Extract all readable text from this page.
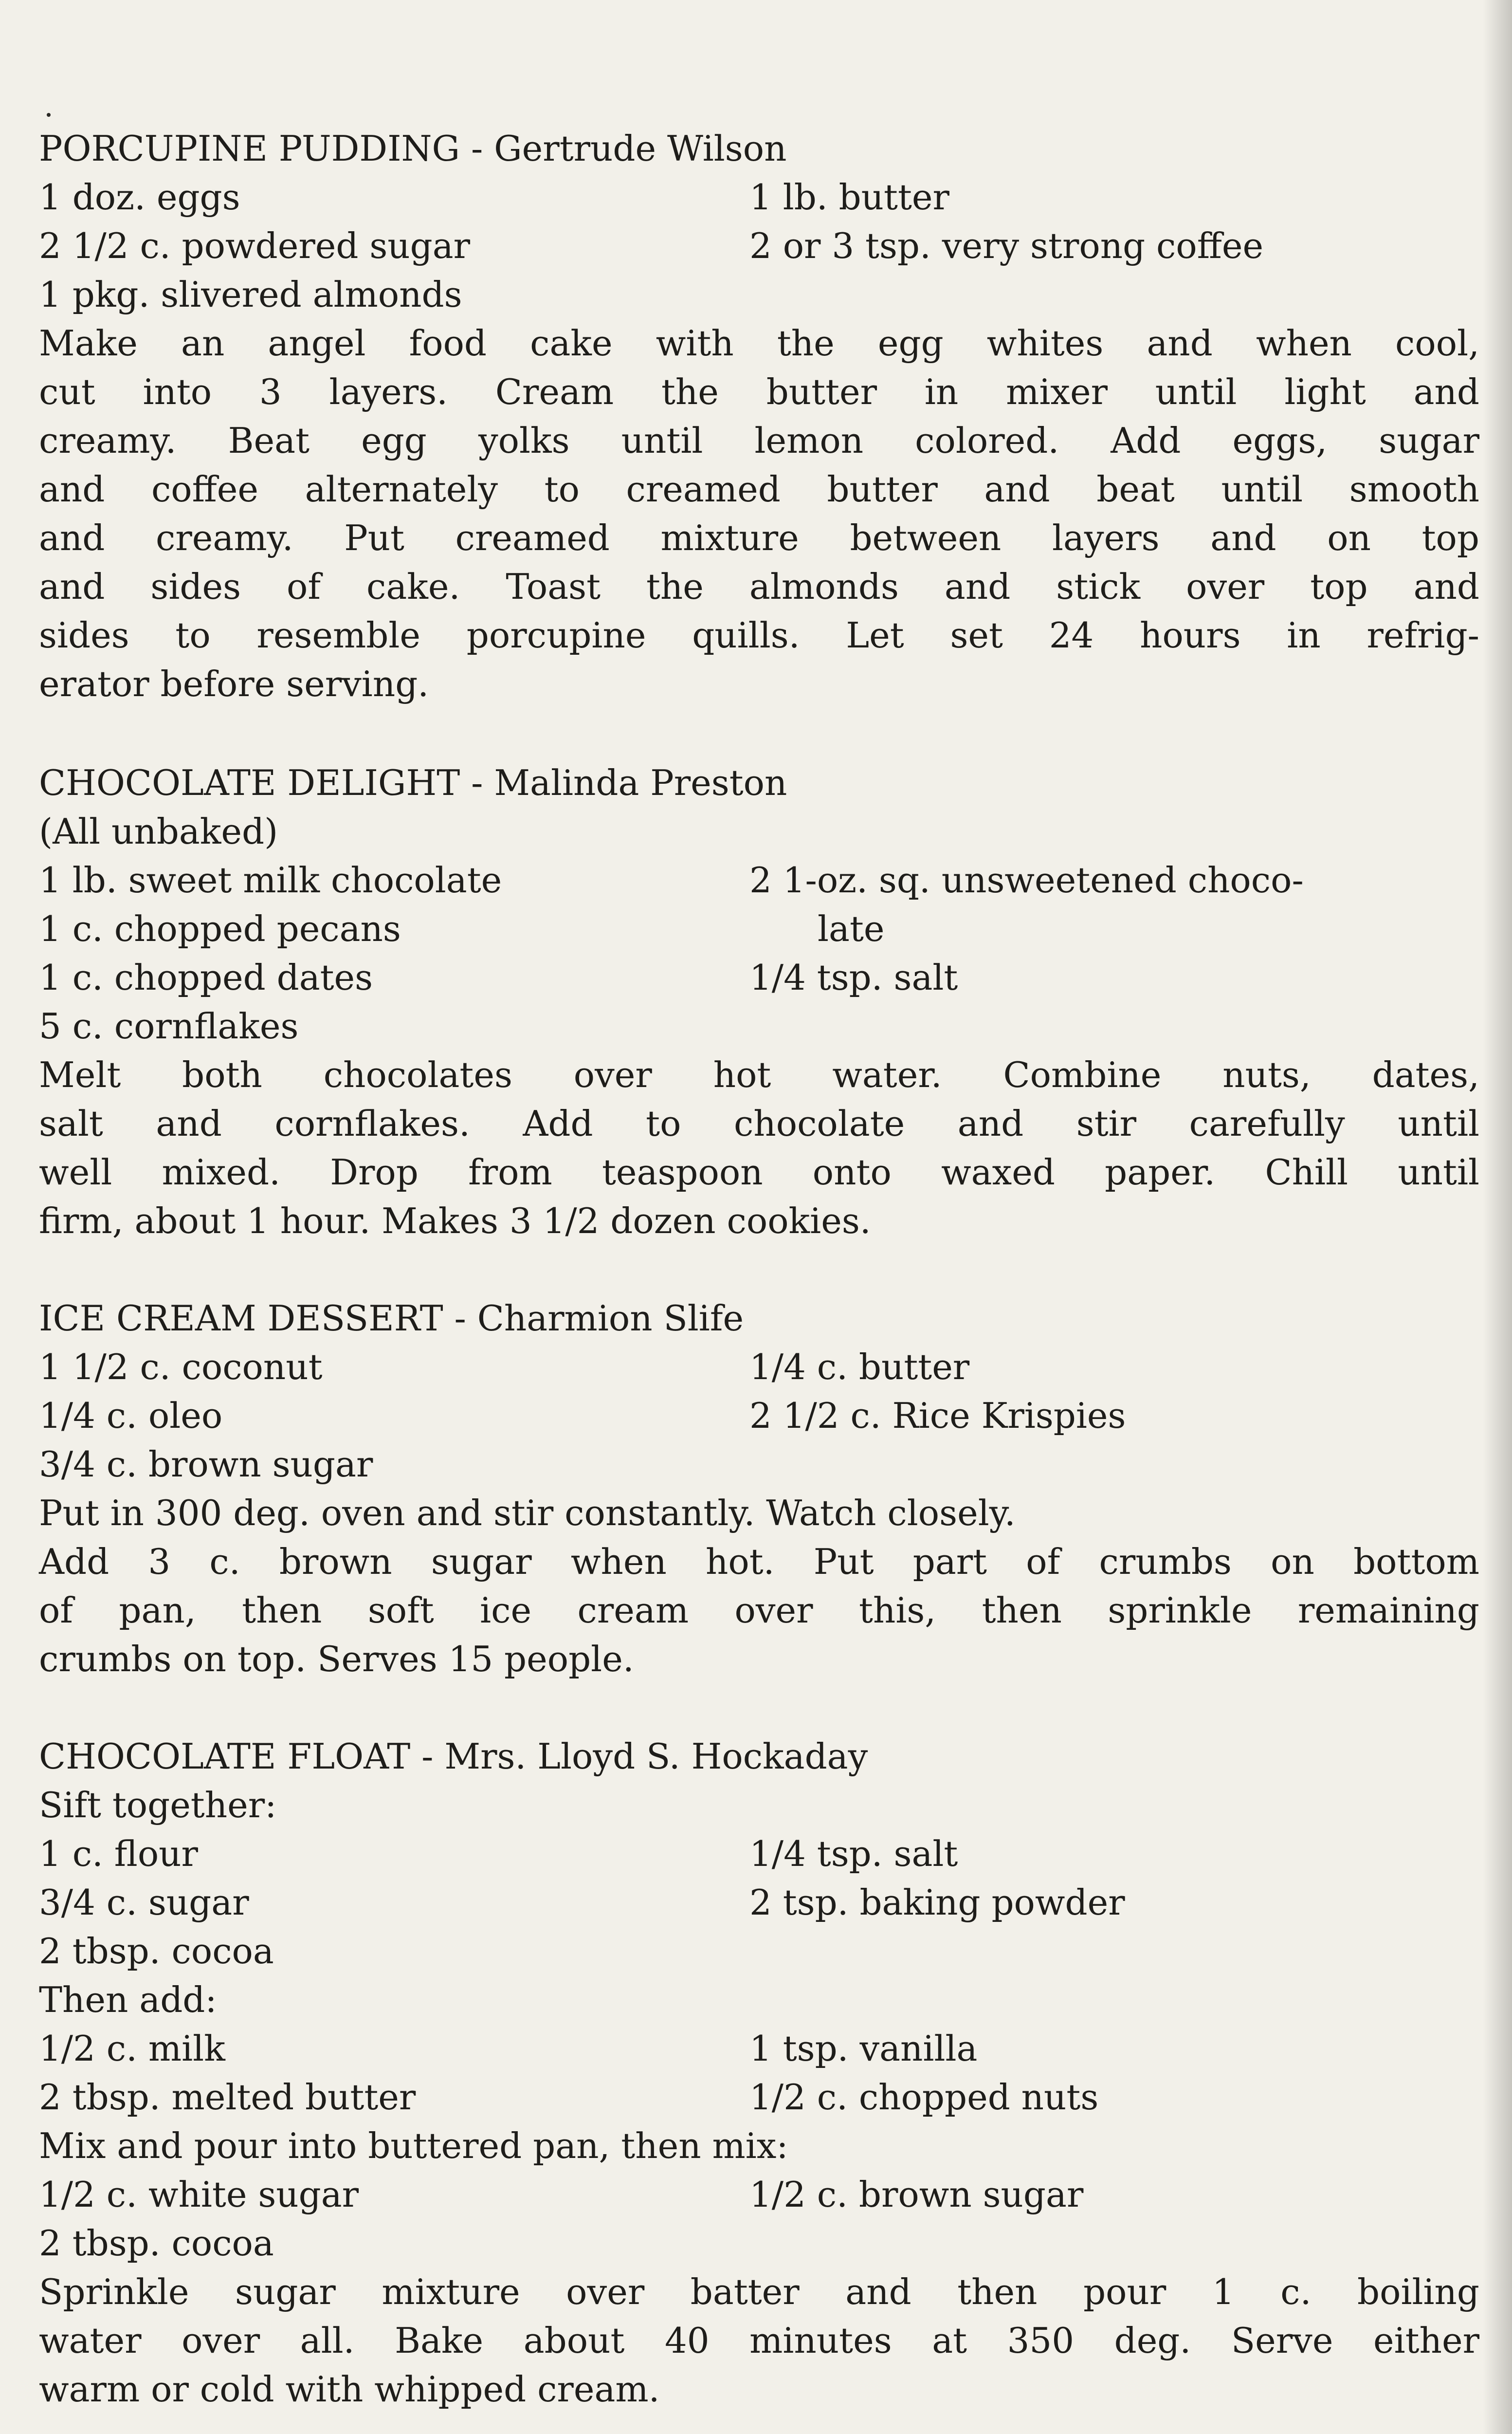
PORCUPINE PUDDING - Gertrude Wilson
1 doz. eggs	1 lb. butter
2 1/2 c. powdered sugar	2 or 3 tsp. very strong coffee
1 pkg. slivered almonds
Make an angel food cake with the egg whites and when cool,
cut into 3 layers. Cream the butter in mixer until light and
creamy. Beat egg yolks until lemon colored. Add eggs, sugar
and coffee alternately to creamed butter and beat until smooth
and creamy. Put creamed mixture between layers and on top
and sides of cake. Toast the almonds and stick over top and
sides to resemble porcupine quills. Let set 24 hours in refrig-
erator before serving.
CHOCOLATE DELIGHT - Malinda Preston
(All unbaked)
1 lb. sweet milk chocolate	2 1-oz. sq. unsweetened choco-
1 c. chopped pecans	late
1 c. chopped dates	1/4 tsp. salt
5 c. cornflakes
Melt both chocolates over hot water. Combine nuts, dates,
salt and cornflakes. Add to chocolate and stir carefully until
well mixed. Drop from teaspoon onto waxed paper. Chill until
firm, about 1 hour. Makes 3 1/2 dozen cookies.
ICE CREAM DESSERT - Charmion Slife
1 1/2 c. coconut	1/4 c. butter
1/4 c. oleo	2 1/2 c. Rice Krispies
3/4 c. brown sugar
Put in 300 deg. oven and stir constantly. Watch closely.
Add 3 c. brown sugar when hot. Put part of crumbs on bottom
of pan, then soft ice cream over this, then sprinkle remaining
crumbs on top. Serves 15 people.
CHOCOLATE FLOAT - Mrs. Lloyd S. Hockaday
Sift together:
1 c. flour	1/4 tsp. salt
3/4 c. sugar	2 tsp. baking powder
2 tbsp. cocoa
Then add:
1/2 c. milk	1 tsp. vanilla
2 tbsp. melted butter	1/2 c. chopped nuts
Mix and pour into buttered pan, then mix:
1/2 c. white sugar	1/2 c. brown sugar
2 tbsp. cocoa
Sprinkle sugar mixture over batter and then pour 1 c. boiling
water over all. Bake about 40 minutes at 350 deg. Serve either
warm or cold with whipped cream.
